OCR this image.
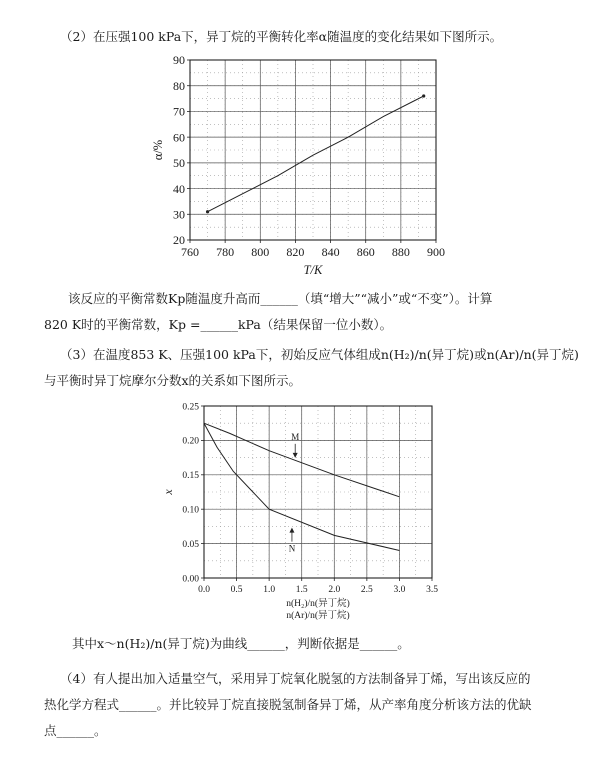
（2）在压强100 kPa下，异丁烷的平衡转化率α随温度的变化结果如下图所示。
760 780 800 820 840 860 880 900
20
30
40
50
60
70
80
90
T/K
α/%
该反应的平衡常数Kp随温度升高而______（填“增大”“减小”或“不变”）。计算
820 K时的平衡常数，Kp =______kPa（结果保留一位小数）。
（3）在温度853 K、压强100 kPa下，初始反应气体组成n(H₂)/n(异丁烷)或n(Ar)/n(异丁烷)
与平衡时异丁烷摩尔分数x的关系如下图所示。
0.0 0.5 1.0 1.5 2.0 2.5 3.0 3.5
0.00
0.05
0.10
0.15
0.20
0.25
M
N
n(H₂)/n(异丁烷)
n(Ar)/n(异丁烷)
x
其中x～n(H₂)/n(异丁烷)为曲线______，判断依据是______。
（4）有人提出加入适量空气，采用异丁烷氧化脱氢的方法制备异丁烯，写出该反应的
热化学方程式______。并比较异丁烷直接脱氢制备异丁烯，从产率角度分析该方法的优缺
点______。
